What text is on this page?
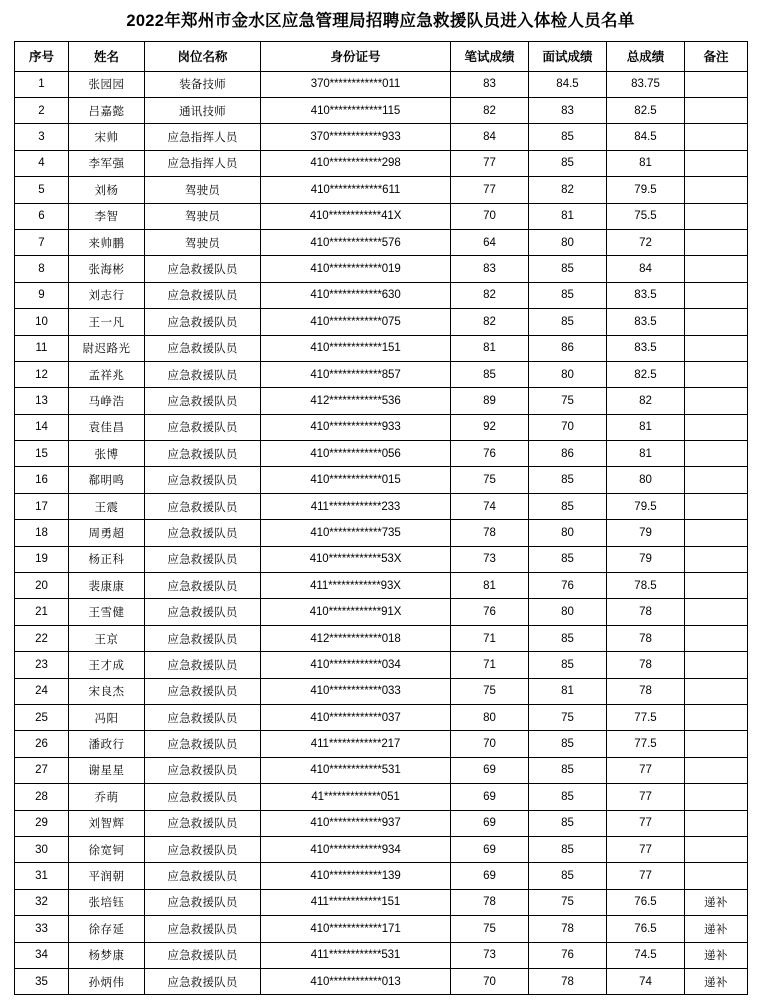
2022年郑州市金水区应急管理局招聘应急救援队员进入体检人员名单
序号	姓名	岗位名称	身份证号	笔试成绩	面试成绩	总成绩	备注
1	张园园	装备技师	370************011	83	84.5	83.75	
2	吕嘉懿	通讯技师	410************115	82	83	82.5	
3	宋帅	应急指挥人员	370************933	84	85	84.5	
4	李军强	应急指挥人员	410************298	77	85	81	
5	刘杨	驾驶员	410************611	77	82	79.5	
6	李智	驾驶员	410************41X	70	81	75.5	
7	来帅鹏	驾驶员	410************576	64	80	72	
8	张海彬	应急救援队员	410************019	83	85	84	
9	刘志行	应急救援队员	410************630	82	85	83.5	
10	王一凡	应急救援队员	410************075	82	85	83.5	
11	尉迟路光	应急救援队员	410************151	81	86	83.5	
12	孟祥兆	应急救援队员	410************857	85	80	82.5	
13	马峥浩	应急救援队员	412************536	89	75	82	
14	袁佳昌	应急救援队员	410************933	92	70	81	
15	张博	应急救援队员	410************056	76	86	81	
16	郗明鸣	应急救援队员	410************015	75	85	80	
17	王震	应急救援队员	411************233	74	85	79.5	
18	周勇超	应急救援队员	410************735	78	80	79	
19	杨正科	应急救援队员	410************53X	73	85	79	
20	裴康康	应急救援队员	411************93X	81	76	78.5	
21	王雪健	应急救援队员	410************91X	76	80	78	
22	王京	应急救援队员	412************018	71	85	78	
23	王才成	应急救援队员	410************034	71	85	78	
24	宋良杰	应急救援队员	410************033	75	81	78	
25	冯阳	应急救援队员	410************037	80	75	77.5	
26	潘政行	应急救援队员	411************217	70	85	77.5	
27	谢星星	应急救援队员	410************531	69	85	77	
28	乔萌	应急救援队员	41*************051	69	85	77	
29	刘智辉	应急救援队员	410************937	69	85	77	
30	徐宽钶	应急救援队员	410************934	69	85	77	
31	平润朝	应急救援队员	410************139	69	85	77	
32	张培钰	应急救援队员	411************151	78	75	76.5	递补
33	徐存延	应急救援队员	410************171	75	78	76.5	递补
34	杨梦康	应急救援队员	411************531	73	76	74.5	递补
35	孙炳伟	应急救援队员	410************013	70	78	74	递补
